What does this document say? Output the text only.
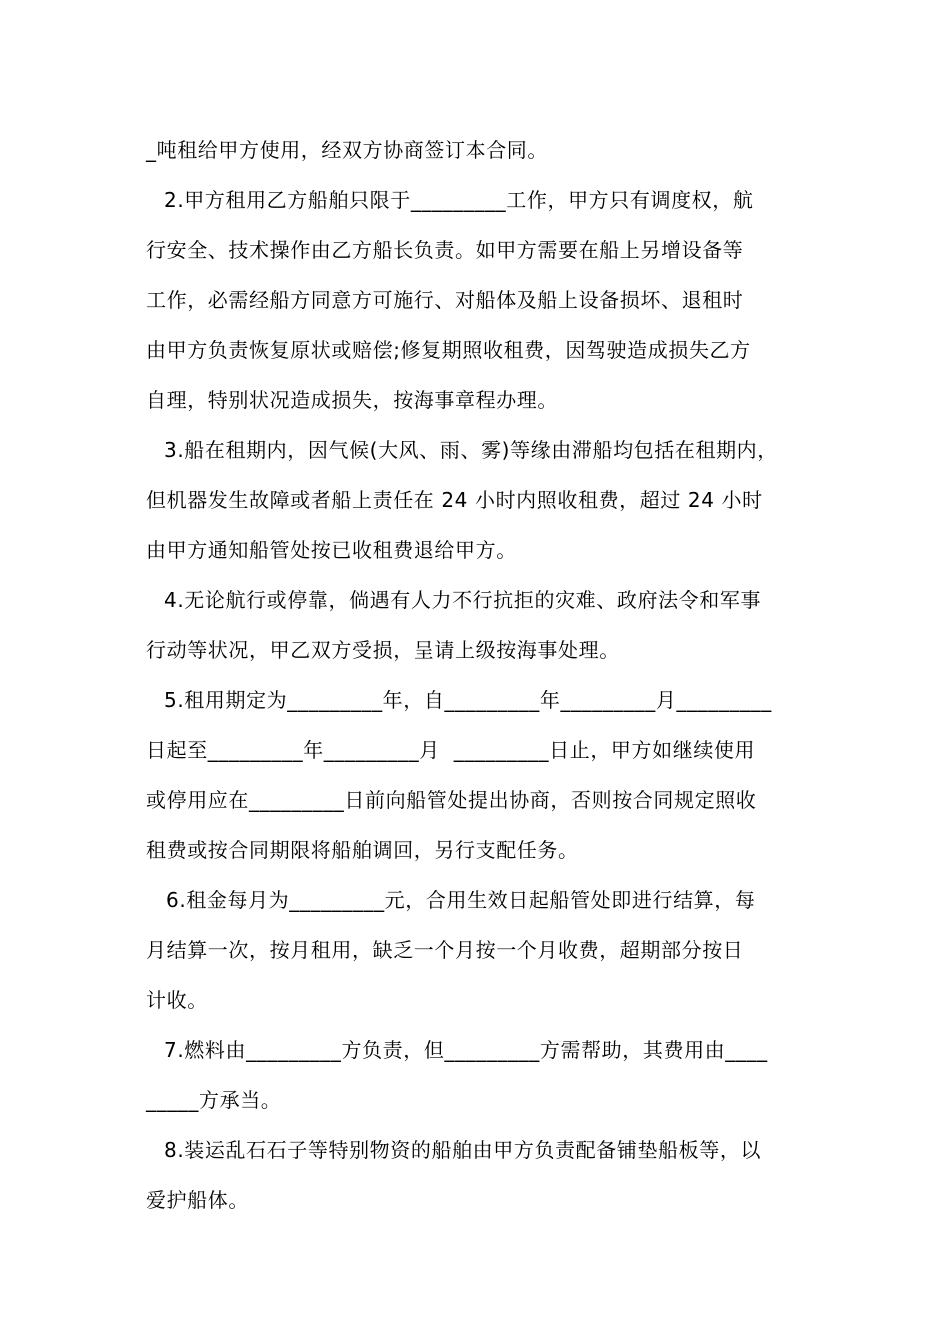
_吨租给甲方使用，经双方协商签订本合同。
2.甲方租用乙方船舶只限于_________工作，甲方只有调度权，航
行安全、技术操作由乙方船长负责。如甲方需要在船上另增设备等
工作，必需经船方同意方可施行、对船体及船上设备损坏、退租时
由甲方负责恢复原状或赔偿;修复期照收租费，因驾驶造成损失乙方
自理，特别状况造成损失，按海事章程办理。
3.船在租期内，因气候(大风、雨、雾)等缘由滞船均包括在租期内，
但机器发生故障或者船上责任在 24 小时内照收租费，超过 24 小时
由甲方通知船管处按已收租费退给甲方。
4.无论航行或停靠，倘遇有人力不行抗拒的灾难、政府法令和军事
行动等状况，甲乙双方受损，呈请上级按海事处理。
5.租用期定为_________年，自_________年_________月_________
日起至_________年_________月  _________日止，甲方如继续使用
或停用应在_________日前向船管处提出协商，否则按合同规定照收
租费或按合同期限将船舶调回，另行支配任务。
6.租金每月为_________元，合用生效日起船管处即进行结算，每
月结算一次，按月租用，缺乏一个月按一个月收费，超期部分按日
计收。
7.燃料由_________方负责，但_________方需帮助，其费用由____
_____方承当。
8.装运乱石石子等特别物资的船舶由甲方负责配备铺垫船板等，以
爱护船体。
